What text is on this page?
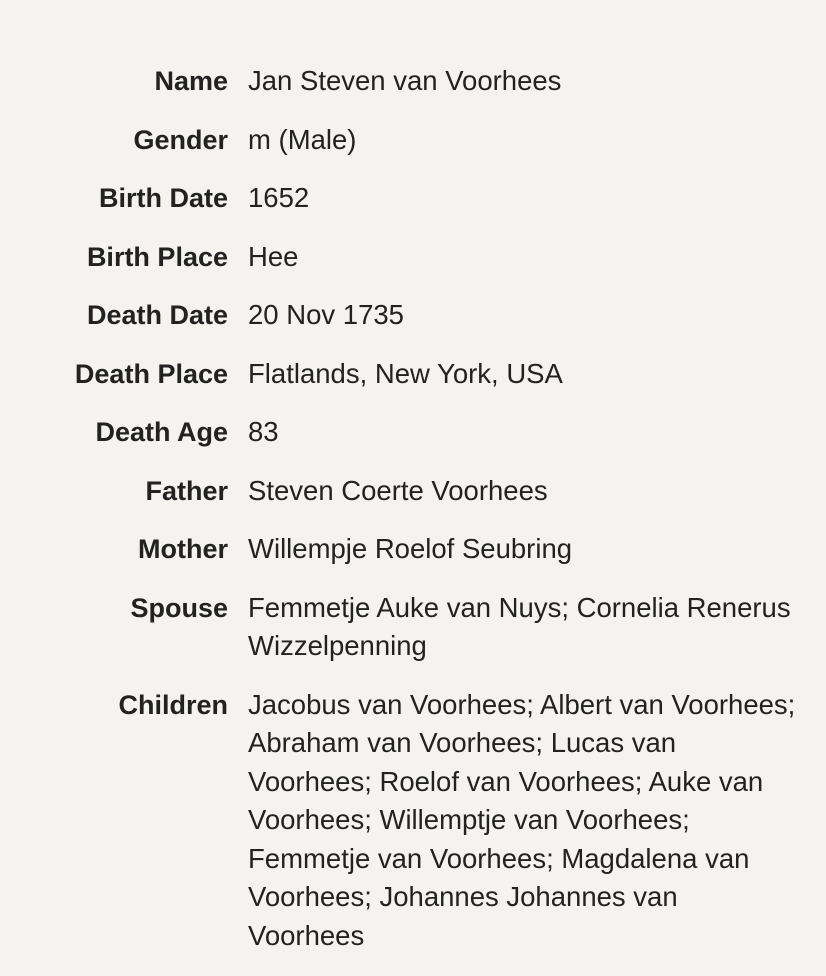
Name Jan Steven van Voorhees
Gender m (Male)
Birth Date 1652
Birth Place Hee
Death Date 20 Nov 1735
Death Place Flatlands, New York, USA
Death Age 83
Father Steven Coerte Voorhees
Mother Willempje Roelof Seubring
Spouse Femmetje Auke van Nuys; Cornelia Renerus Wizzelpenning
Children Jacobus van Voorhees; Albert van Voorhees; Abraham van Voorhees; Lucas van Voorhees; Roelof van Voorhees; Auke van Voorhees; Willemptje van Voorhees; Femmetje van Voorhees; Magdalena van Voorhees; Johannes Johannes van Voorhees
